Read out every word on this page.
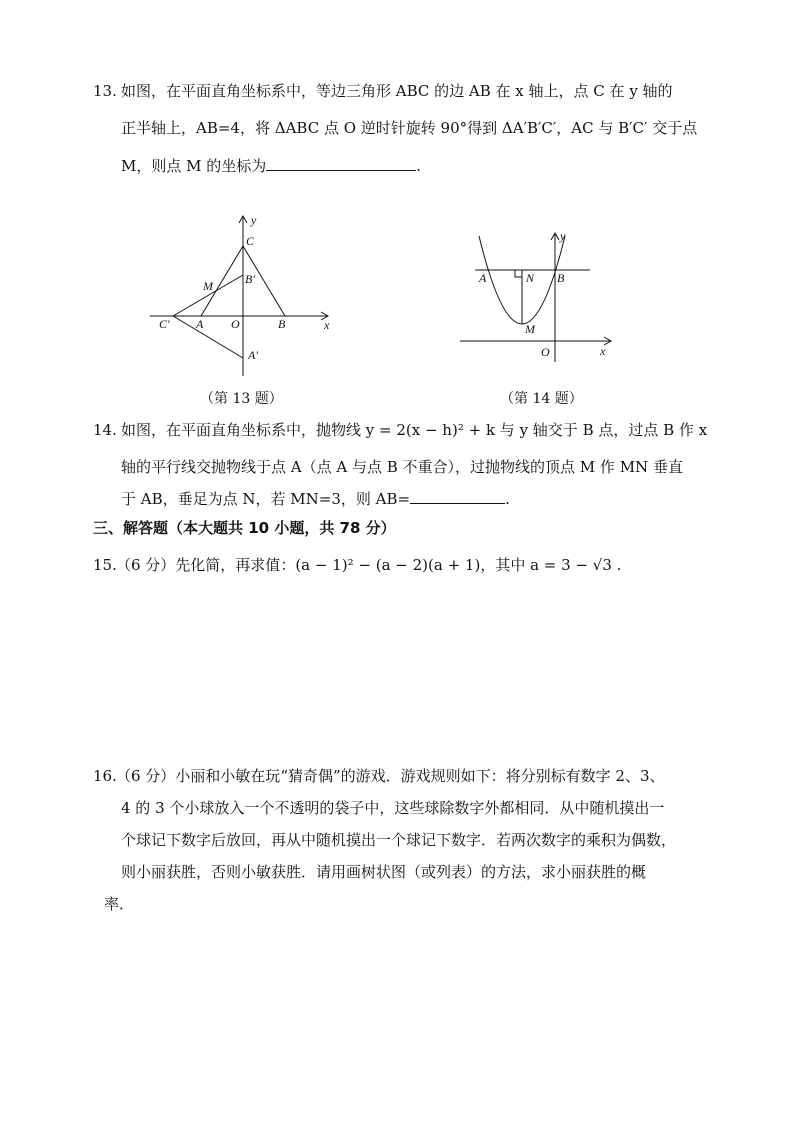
13. 如图，在平面直角坐标系中，等边三角形 ABC 的边 AB 在 x 轴上，点 C 在 y 轴的
正半轴上，AB=4，将 ΔABC 点 O 逆时针旋转 90°得到 ΔA′B′C′，AC 与 B′C′ 交于点
M，则点 M 的坐标为	.
y
x
C
B′
M
C′ A O	B
A′
y
A	N B
M
O	x
（第 13 题）	（第 14 题）
14. 如图，在平面直角坐标系中，抛物线 y = 2(x − h)² + k 与 y 轴交于 B 点，过点 B 作 x
轴的平行线交抛物线于点 A（点 A 与点 B 不重合），过抛物线的顶点 M 作 MN 垂直
于 AB，垂足为点 N，若 MN=3，则 AB=	.
三、解答题（本大题共 10 小题，共 78 分）
15. （6 分）先化简，再求值：(a − 1)² − (a − 2)(a + 1)，其中 a = 3 − √3 .
16. （6 分）小丽和小敏在玩“猜奇偶”的游戏．游戏规则如下：将分别标有数字 2、3、
4 的 3 个小球放入一个不透明的袋子中，这些球除数字外都相同．从中随机摸出一
个球记下数字后放回，再从中随机摸出一个球记下数字．若两次数字的乘积为偶数，
则小丽获胜，否则小敏获胜．请用画树状图（或列表）的方法，求小丽获胜的概
率．
